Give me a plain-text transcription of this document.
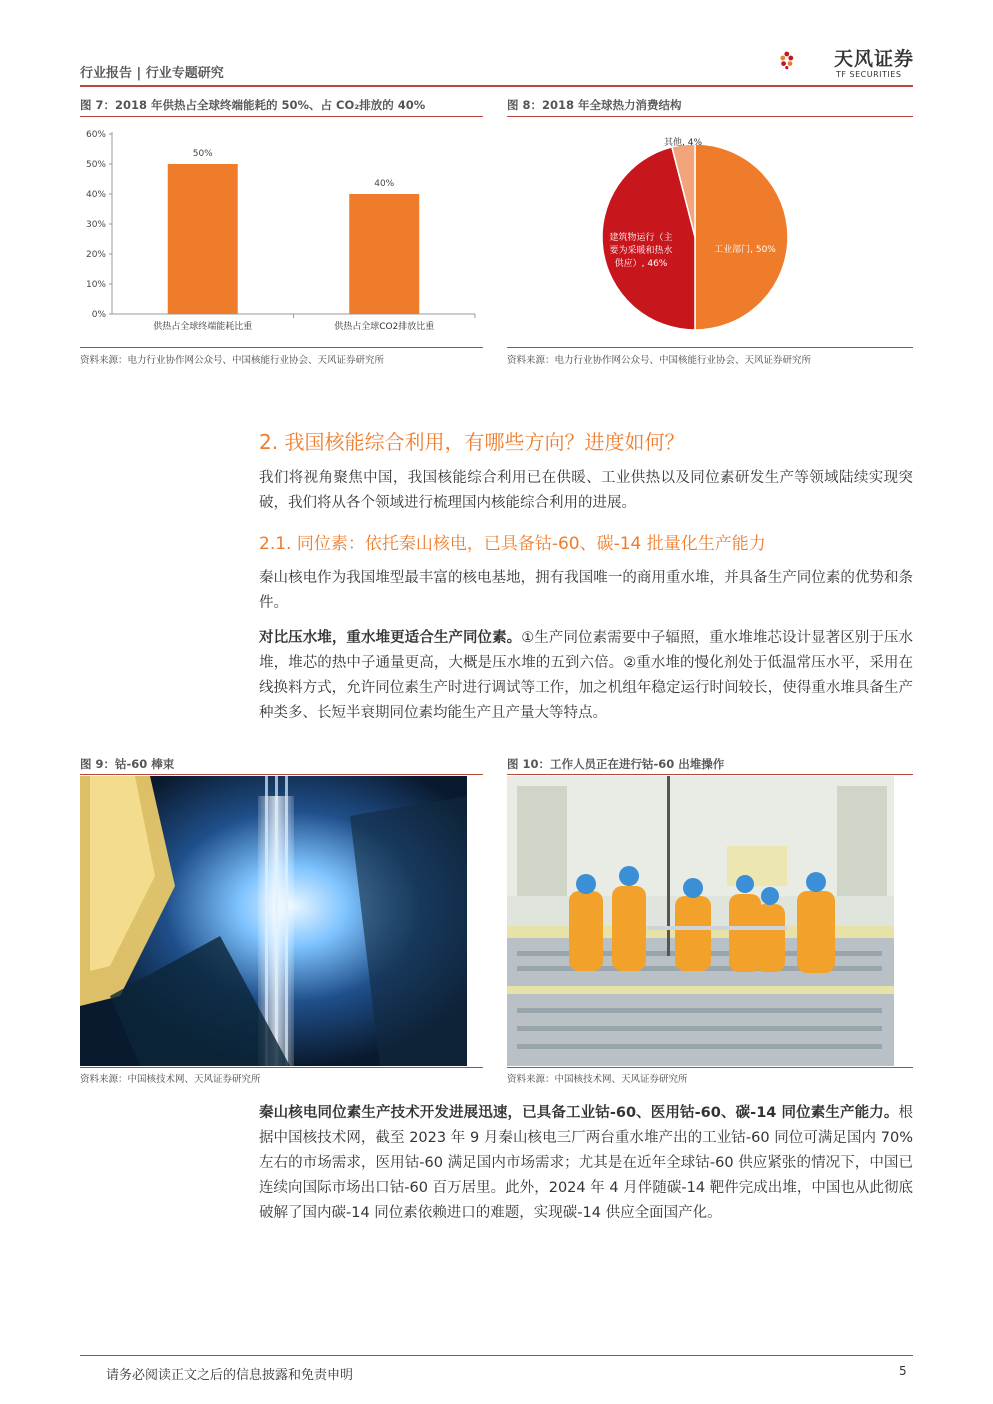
行业报告 | 行业专题研究
天风证券
TF SECURITIES
图 7：2018 年供热占全球终端能耗的 50%、占 CO₂排放的 40%
0%
10%
20%
30%
40%
50%
60%
50%
供热占全球终端能耗比重
40%
供热占全球CO2排放比重
资料来源：电力行业协作网公众号、中国核能行业协会、天风证券研究所
图 8：2018 年全球热力消费结构
工业部门, 50%
建筑物运行（主要为采暖和热水供应）, 46%
其他, 4%
资料来源：电力行业协作网公众号、中国核能行业协会、天风证券研究所
2. 我国核能综合利用，有哪些方向？进度如何？
我们将视角聚焦中国，我国核能综合利用已在供暖、工业供热以及同位素研发生产等领域陆续实现突破，我们将从各个领域进行梳理国内核能综合利用的进展。
2.1. 同位素：依托秦山核电，已具备钴-60、碳-14 批量化生产能力
秦山核电作为我国堆型最丰富的核电基地，拥有我国唯一的商用重水堆，并具备生产同位素的优势和条件。
对比压水堆，重水堆更适合生产同位素。①生产同位素需要中子辐照，重水堆堆芯设计显著区别于压水堆，堆芯的热中子通量更高，大概是压水堆的五到六倍。②重水堆的慢化剂处于低温常压水平，采用在线换料方式，允许同位素生产时进行调试等工作，加之机组年稳定运行时间较长，使得重水堆具备生产种类多、长短半衰期同位素均能生产且产量大等特点。
图 9：钴-60 棒束
资料来源：中国核技术网、天风证券研究所
图 10：工作人员正在进行钴-60 出堆操作
资料来源：中国核技术网、天风证券研究所
秦山核电同位素生产技术开发进展迅速，已具备工业钴-60、医用钴-60、碳-14 同位素生产能力。根据中国核技术网，截至 2023 年 9 月秦山核电三厂两台重水堆产出的工业钴-60 同位可满足国内 70%左右的市场需求，医用钴-60 满足国内市场需求；尤其是在近年全球钴-60 供应紧张的情况下，中国已连续向国际市场出口钴-60 百万居里。此外，2024 年 4 月伴随碳-14 靶件完成出堆，中国也从此彻底破解了国内碳-14 同位素依赖进口的难题，实现碳-14 供应全面国产化。
请务必阅读正文之后的信息披露和免责申明	5
